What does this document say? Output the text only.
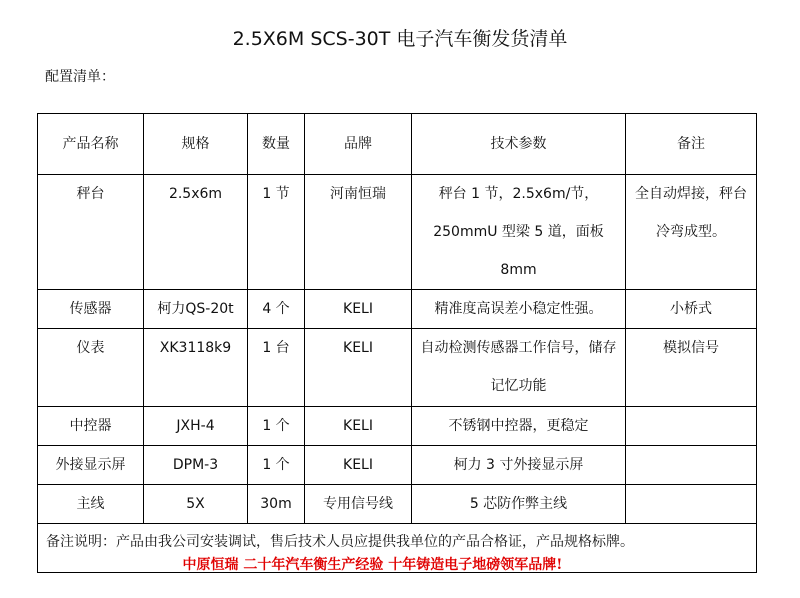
2.5X6M SCS-30T 电子汽车衡发货清单
配置清单：
产品名称	规格	数量	品牌	技术参数	备注
秤台	2.5x6m	1 节	河南恒瑞	秤台 1 节，2.5x6m/节，250mmU 型梁 5 道，面板 8mm	全自动焊接，秤台冷弯成型。
传感器	柯力QS-20t	4 个	KELI	精准度高误差小稳定性强。	小桥式
仪表	XK3118k9	1 台	KELI	自动检测传感器工作信号，储存记忆功能	模拟信号
中控器	JXH-4	1 个	KELI	不锈钢中控器，更稳定	
外接显示屏	DPM-3	1 个	KELI	柯力 3 寸外接显示屏	
主线	5X	30m	专用信号线	5 芯防作弊主线	
备注说明：产品由我公司安装调试，售后技术人员应提供我单位的产品合格证，产品规格标牌。					
中原恒瑞 二十年汽车衡生产经验 十年铸造电子地磅领军品牌!
